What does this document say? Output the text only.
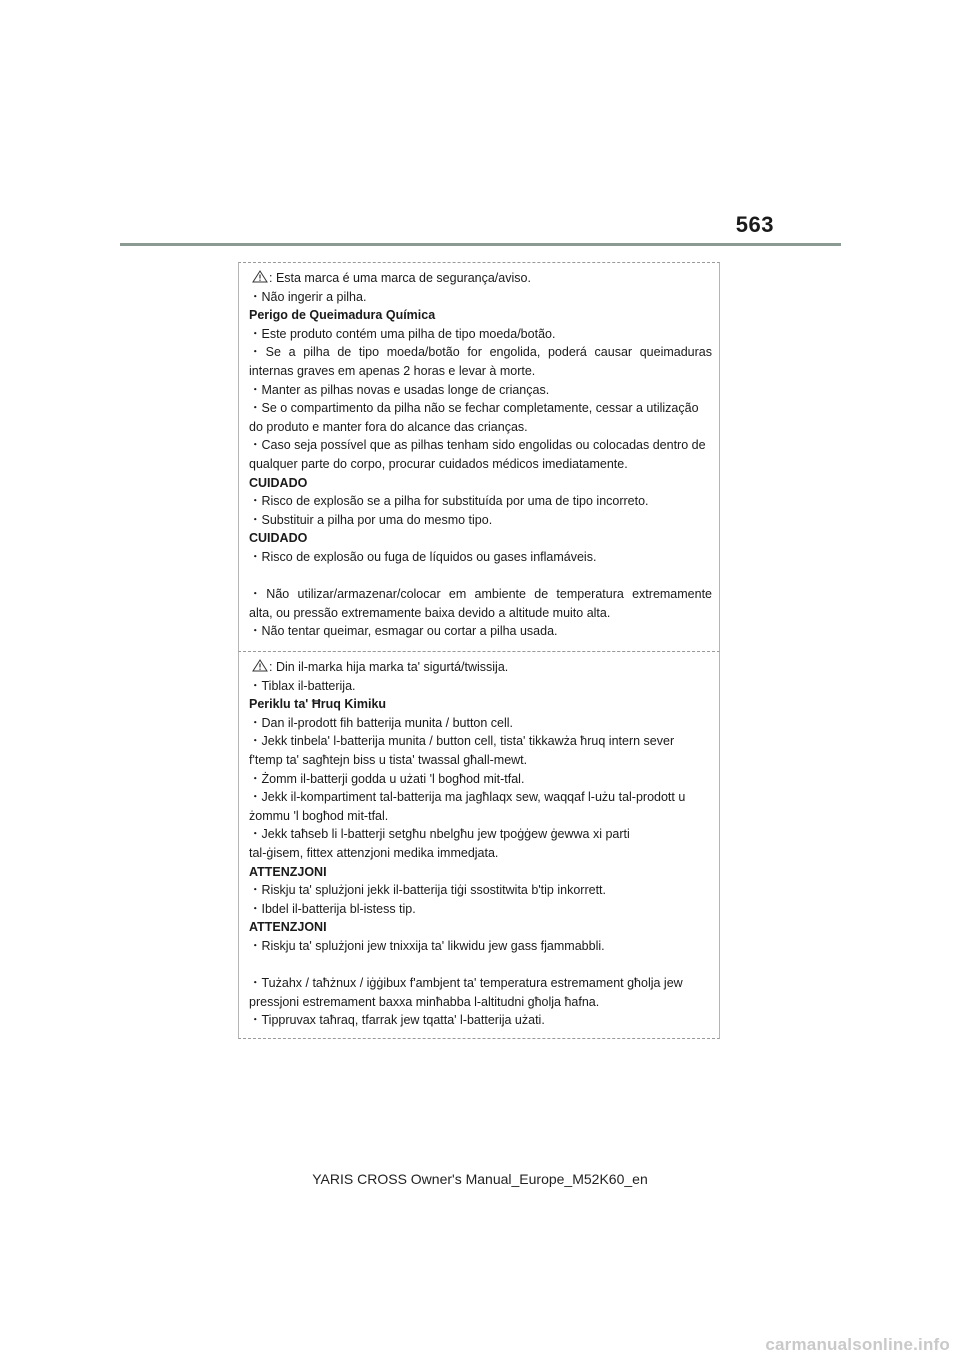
563
: Esta marca é uma marca de segurança/aviso.
・Não ingerir a pilha.
Perigo de Queimadura Química
・Este produto contém uma pilha de tipo moeda/botão.
・Se a pilha de tipo moeda/botão for engolida, poderá causar queimaduras
internas graves em apenas 2 horas e levar à morte.
・Manter as pilhas novas e usadas longe de crianças.
・Se o compartimento da pilha não se fechar completamente, cessar a utilização
do produto e manter fora do alcance das crianças.
・Caso seja possível que as pilhas tenham sido engolidas ou colocadas dentro de
qualquer parte do corpo, procurar cuidados médicos imediatamente.
CUIDADO
・Risco de explosão se a pilha for substituída por uma de tipo incorreto.
・Substituir a pilha por uma do mesmo tipo.
CUIDADO
・Risco de explosão ou fuga de líquidos ou gases inflamáveis.
・Não utilizar/armazenar/colocar em ambiente de temperatura extremamente
alta, ou pressão extremamente baixa devido a altitude muito alta.
・Não tentar queimar, esmagar ou cortar a pilha usada.
: Din il-marka hija marka ta' sigurtá/twissija.
・Tiblax il-batterija.
Periklu ta' Ħruq Kimiku
・Dan il-prodott fih batterija munita / button cell.
・Jekk tinbela' l-batterija munita / button cell, tista' tikkawża ħruq intern sever
f'temp ta' sagħtejn biss u tista' twassal għall-mewt.
・Żomm il-batterji godda u użati 'l bogħod mit-tfal.
・Jekk il-kompartiment tal-batterija ma jagħlaqx sew, waqqaf l-użu tal-prodott u
żommu 'l bogħod mit-tfal.
・Jekk taħseb li l-batterji setgħu nbelgħu jew tpoġġew ġewwa xi parti
tal-ġisem, fittex attenzjoni medika immedjata.
ATTENZJONI
・Riskju ta' splużjoni jekk il-batterija tiġi ssostitwita b'tip inkorrett.
・Ibdel il-batterija bl-istess tip.
ATTENZJONI
・Riskju ta' splużjoni jew tnixxija ta' likwidu jew gass fjammabbli.
・Tużahx / taħżnux / iġġibux f'ambjent ta' temperatura estremament għolja jew
pressjoni estremament baxxa minħabba l-altitudni għolja ħafna.
・Tippruvax taħraq, tfarrak jew tqatta' l-batterija użati.
YARIS CROSS Owner's Manual_Europe_M52K60_en
carmanualsonline.info
